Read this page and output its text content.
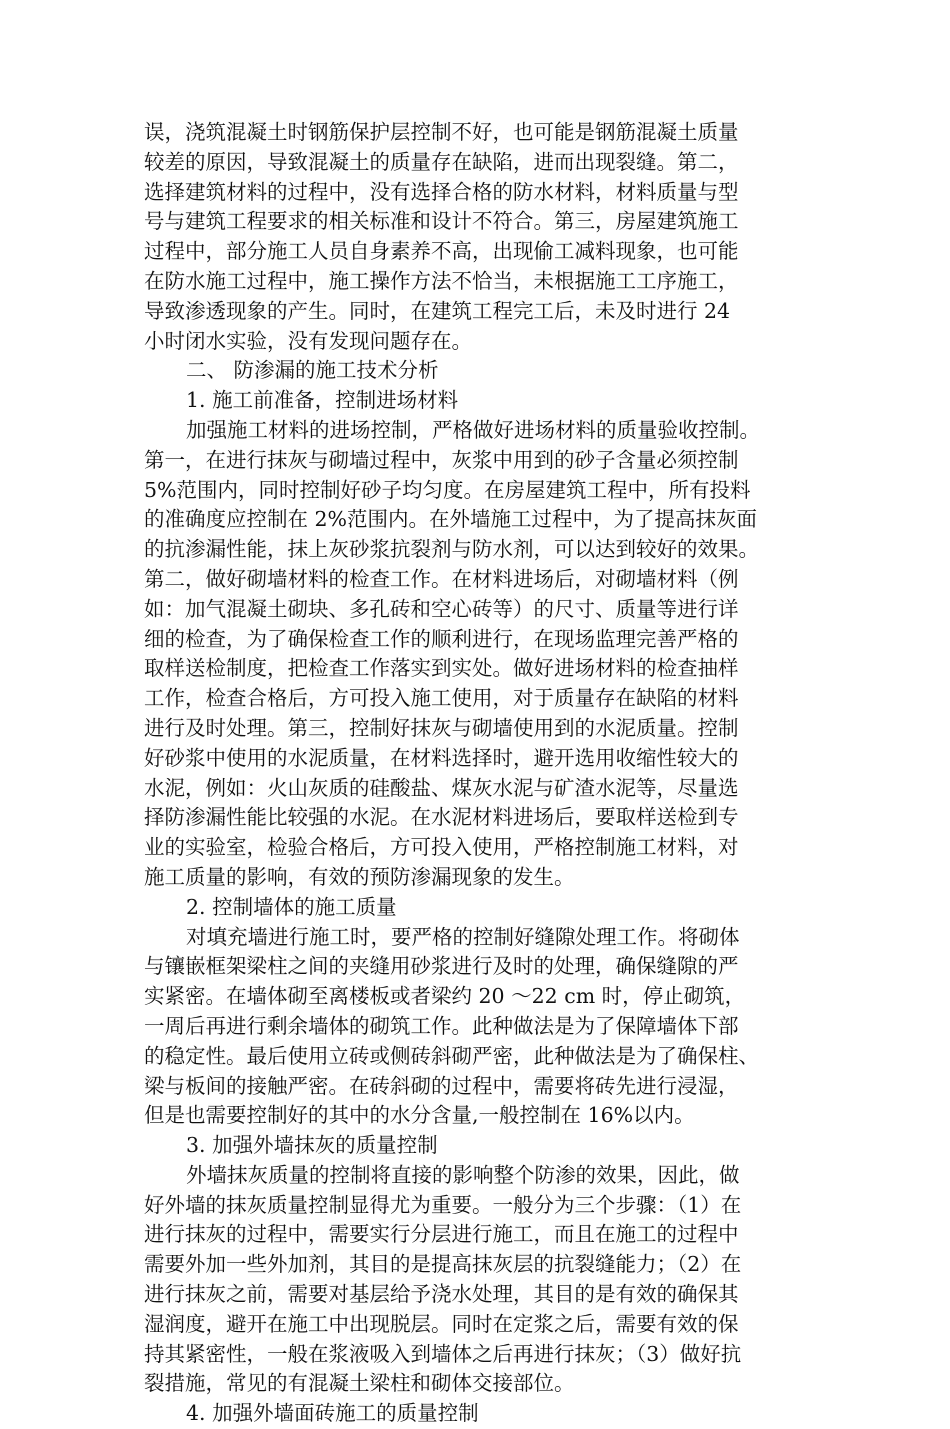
误，浇筑混凝土时钢筋保护层控制不好，也可能是钢筋混凝土质量
较差的原因，导致混凝土的质量存在缺陷，进而出现裂缝。第二，
选择建筑材料的过程中，没有选择合格的防水材料，材料质量与型
号与建筑工程要求的相关标准和设计不符合。第三，房屋建筑施工
过程中，部分施工人员自身素养不高，出现偷工减料现象，也可能
在防水施工过程中，施工操作方法不恰当，未根据施工工序施工，
导致渗透现象的产生。同时，在建筑工程完工后，未及时进行 24
小时闭水实验，没有发现问题存在。
二、 防渗漏的施工技术分析
1. 施工前准备，控制进场材料
加强施工材料的进场控制，严格做好进场材料的质量验收控制。
第一，在进行抹灰与砌墙过程中，灰浆中用到的砂子含量必须控制
5%范围内，同时控制好砂子均匀度。在房屋建筑工程中，所有投料
的准确度应控制在 2%范围内。在外墙施工过程中，为了提高抹灰面
的抗渗漏性能，抹上灰砂浆抗裂剂与防水剂，可以达到较好的效果。
第二，做好砌墙材料的检查工作。在材料进场后，对砌墙材料（例
如：加气混凝土砌块、多孔砖和空心砖等）的尺寸、质量等进行详
细的检查，为了确保检查工作的顺利进行，在现场监理完善严格的
取样送检制度，把检查工作落实到实处。做好进场材料的检查抽样
工作，检查合格后，方可投入施工使用，对于质量存在缺陷的材料
进行及时处理。第三，控制好抹灰与砌墙使用到的水泥质量。控制
好砂浆中使用的水泥质量，在材料选择时，避开选用收缩性较大的
水泥，例如：火山灰质的硅酸盐、煤灰水泥与矿渣水泥等，尽量选
择防渗漏性能比较强的水泥。在水泥材料进场后，要取样送检到专
业的实验室，检验合格后，方可投入使用，严格控制施工材料，对
施工质量的影响，有效的预防渗漏现象的发生。
2. 控制墙体的施工质量
对填充墙进行施工时，要严格的控制好缝隙处理工作。将砌体
与镶嵌框架梁柱之间的夹缝用砂浆进行及时的处理，确保缝隙的严
实紧密。在墙体砌至离楼板或者梁约 20 ～22 cm 时，停止砌筑，
一周后再进行剩余墙体的砌筑工作。此种做法是为了保障墙体下部
的稳定性。最后使用立砖或侧砖斜砌严密，此种做法是为了确保柱、
梁与板间的接触严密。在砖斜砌的过程中，需要将砖先进行浸湿，
但是也需要控制好的其中的水分含量,一般控制在 16%以内。
3. 加强外墙抹灰的质量控制
外墙抹灰质量的控制将直接的影响整个防渗的效果，因此，做
好外墙的抹灰质量控制显得尤为重要。一般分为三个步骤：（1）在
进行抹灰的过程中，需要实行分层进行施工，而且在施工的过程中
需要外加一些外加剂，其目的是提高抹灰层的抗裂缝能力；（2）在
进行抹灰之前，需要对基层给予浇水处理，其目的是有效的确保其
湿润度，避开在施工中出现脱层。同时在定浆之后，需要有效的保
持其紧密性，一般在浆液吸入到墙体之后再进行抹灰；（3）做好抗
裂措施，常见的有混凝土梁柱和砌体交接部位。
4. 加强外墙面砖施工的质量控制
